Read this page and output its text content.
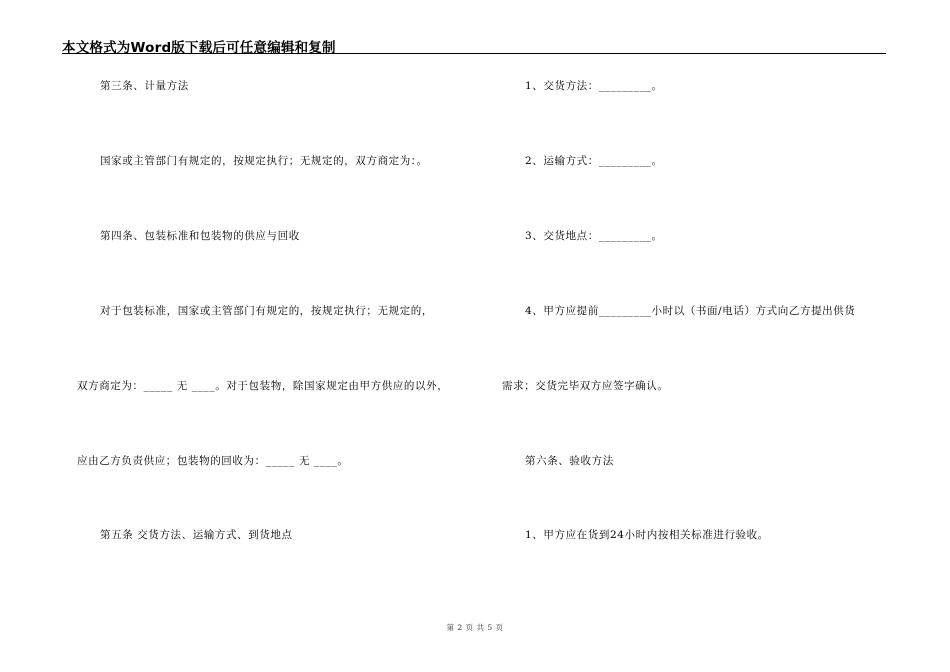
本文格式为Word版下载后可任意编辑和复制
第三条、计量方法
国家或主管部门有规定的，按规定执行；无规定的，双方商定为：。
第四条、包装标准和包装物的供应与回收
对于包装标准，国家或主管部门有规定的，按规定执行；无规定的，
双方商定为：_____ 无 ____。对于包装物，除国家规定由甲方供应的以外，
应由乙方负责供应；包装物的回收为：_____ 无 ____。
第五条 交货方法、运输方式、到货地点
1、交货方法：_________。
2、运输方式：_________。
3、交货地点：_________。
4、甲方应提前_________小时以（书面/电话）方式向乙方提出供货
需求；交货完毕双方应签字确认。
第六条、验收方法
1、甲方应在货到24小时内按相关标准进行验收。
第 2 页 共 5 页
